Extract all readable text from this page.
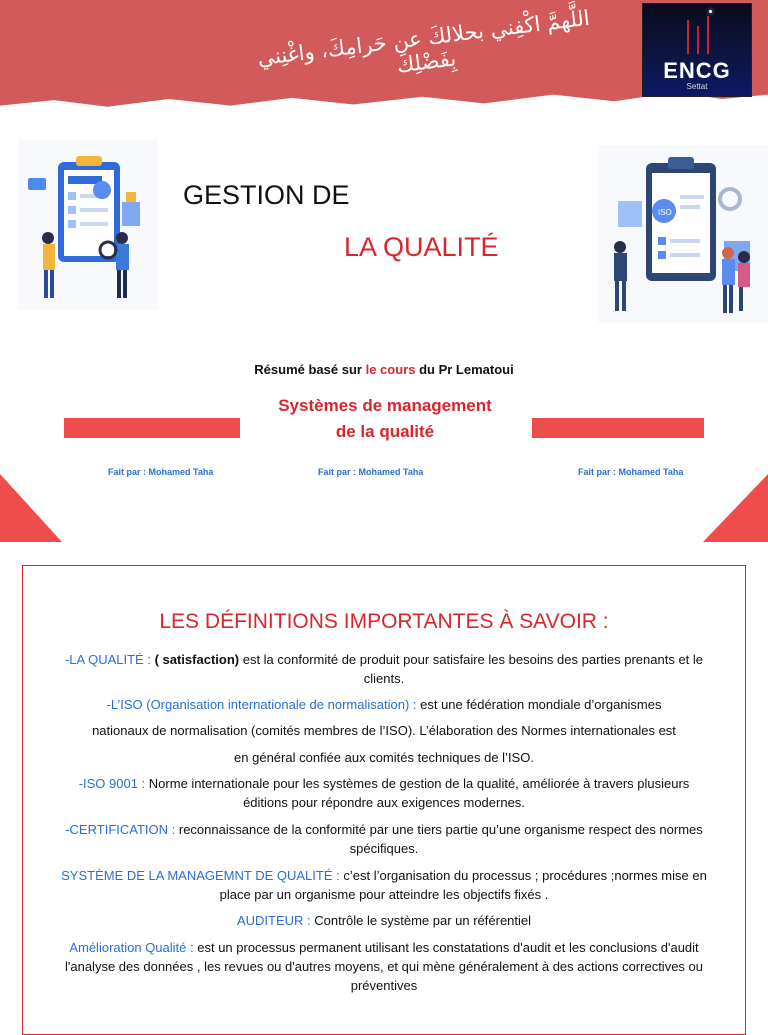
اللَّهمَّ اكْفِني بحلالكَ عن حَرامِكَ، واغْنِني بِفَضْلِكَ	ENCG
Settat
ISO
GESTION DE
LA QUALITÉ
Résumé basé sur le cours du Pr Lematoui
Systèmes de management
de la qualité
Fait par : Mohamed Taha	Fait par : Mohamed Taha	Fait par : Mohamed Taha
LES DÉFINITIONS IMPORTANTES À SAVOIR :
-LA QUALITÉ : ( satisfaction) est la conformité de produit pour satisfaire les besoins des parties prenants et le clients.
-L’ISO (Organisation internationale de normalisation) : est une fédération mondiale d’organismes
nationaux de normalisation (comités membres de l’ISO). L’élaboration des Normes internationales est
en général confiée aux comités techniques de l’ISO.
-ISO 9001 : Norme internationale pour les systèmes de gestion de la qualité, améliorée à travers plusieurs éditions pour répondre aux exigences modernes.
-CERTIFICATION : reconnaissance de la conformité par une tiers partie qu’une organisme respect des normes spécifiques.
SYSTÈME DE LA MANAGEMNT DE QUALITÉ : c’est l’organisation du processus ; procédures ;normes mise en place par un organisme pour atteindre les objectifs fixés .
AUDITEUR : Contrôle le système par un référentiel
Amélioration Qualité : est un processus permanent utilisant les constatations d'audit et les conclusions d'audit l'analyse des données , les revues ou d'autres moyens, et qui mène généralement à des actions correctives ou préventives
